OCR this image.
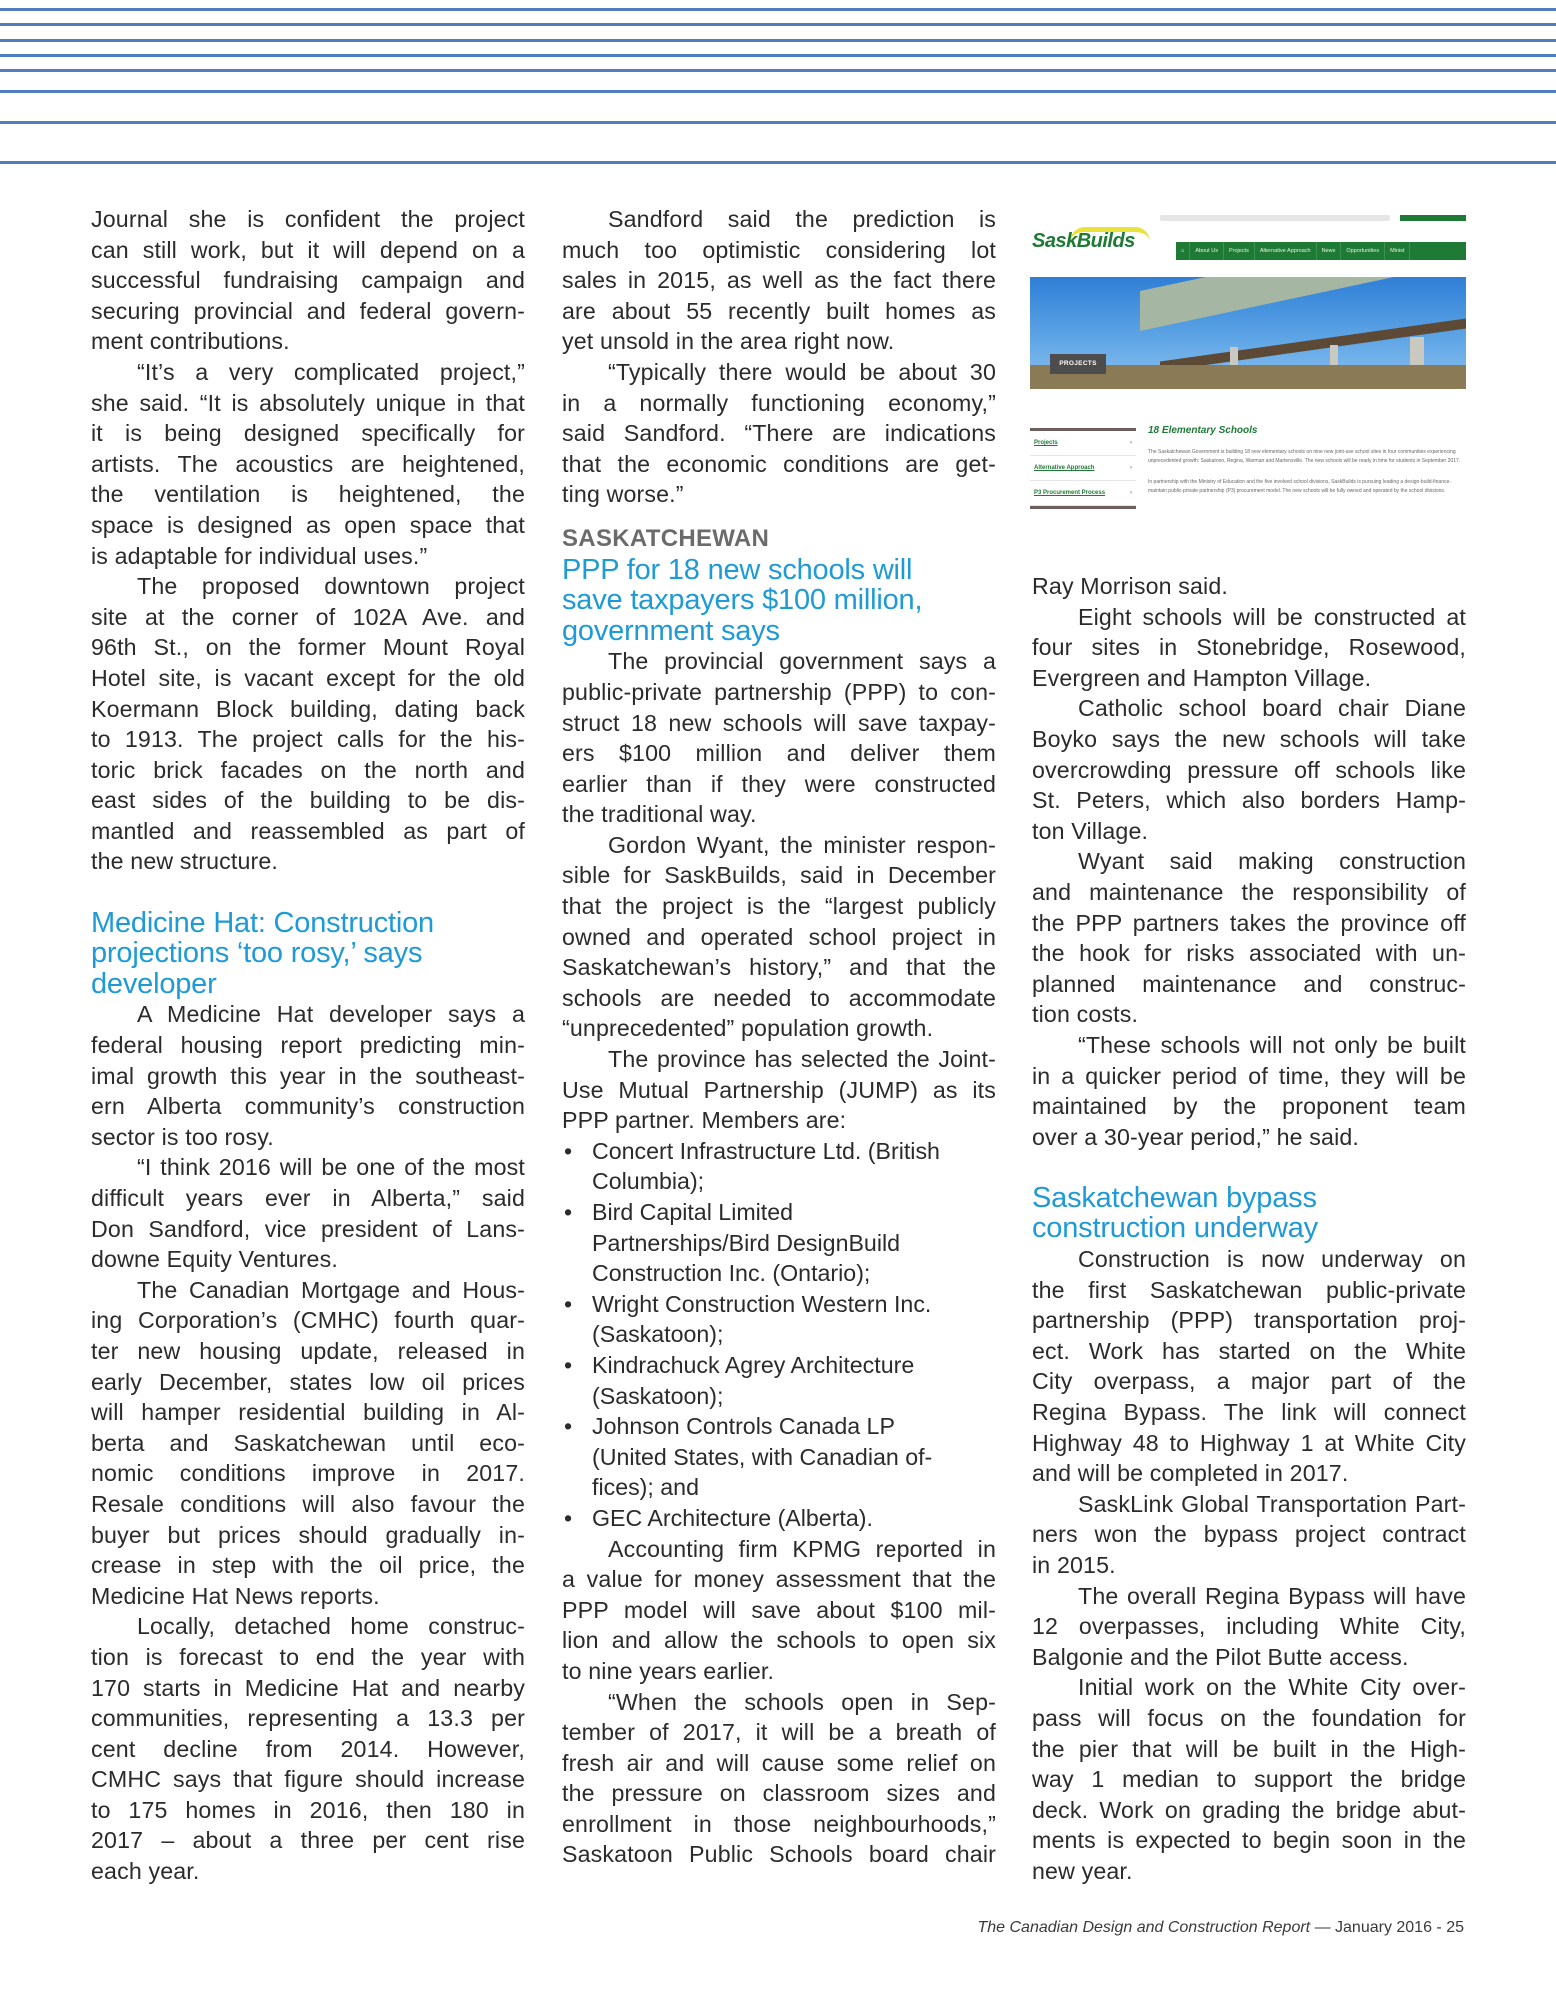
Journal she is confident the project
can still work, but it will depend on a
successful fundraising campaign and
securing provincial and federal govern-
ment contributions.
“It’s a very complicated project,”
she said. “It is absolutely unique in that
it is being designed specifically for
artists. The acoustics are heightened,
the ventilation is heightened, the
space is designed as open space that
is adaptable for individual uses.”
The proposed downtown project
site at the corner of 102A Ave. and
96th St., on the former Mount Royal
Hotel site, is vacant except for the old
Koermann Block building, dating back
to 1913. The project calls for the his-
toric brick facades on the north and
east sides of the building to be dis-
mantled and reassembled as part of
the new structure.
Medicine Hat: Construction
projections ‘too rosy,’ says
developer
A Medicine Hat developer says a
federal housing report predicting min-
imal growth this year in the southeast-
ern Alberta community’s construction
sector is too rosy.
“I think 2016 will be one of the most
difficult years ever in Alberta,” said
Don Sandford, vice president of Lans-
downe Equity Ventures.
The Canadian Mortgage and Hous-
ing Corporation’s (CMHC) fourth quar-
ter new housing update, released in
early December, states low oil prices
will hamper residential building in Al-
berta and Saskatchewan until eco-
nomic conditions improve in 2017.
Resale conditions will also favour the
buyer but prices should gradually in-
crease in step with the oil price, the
Medicine Hat News reports.
Locally, detached home construc-
tion is forecast to end the year with
170 starts in Medicine Hat and nearby
communities, representing a 13.3 per
cent decline from 2014. However,
CMHC says that figure should increase
to 175 homes in 2016, then 180 in
2017 – about a three per cent rise
each year.
Sandford said the prediction is
much too optimistic considering lot
sales in 2015, as well as the fact there
are about 55 recently built homes as
yet unsold in the area right now.
“Typically there would be about 30
in a normally functioning economy,”
said Sandford. “There are indications
that the economic conditions are get-
ting worse.”
SASKATCHEWAN
PPP for 18 new schools will
save taxpayers $100 million,
government says
The provincial government says a
public-private partnership (PPP) to con-
struct 18 new schools will save taxpay-
ers $100 million and deliver them
earlier than if they were constructed
the traditional way.
Gordon Wyant, the minister respon-
sible for SaskBuilds, said in December
that the project is the “largest publicly
owned and operated school project in
Saskatchewan’s history,” and that the
schools are needed to accommodate
“unprecedented” population growth.
The province has selected the Joint-
Use Mutual Partnership (JUMP) as its
PPP partner. Members are:
• Concert Infrastructure Ltd. (British
Columbia);
• Bird Capital Limited
Partnerships/Bird DesignBuild
Construction Inc. (Ontario);
• Wright Construction Western Inc.
(Saskatoon);
• Kindrachuck Agrey Architecture
(Saskatoon);
• Johnson Controls Canada LP
(United States, with Canadian of-
fices); and
• GEC Architecture (Alberta).
Accounting firm KPMG reported in
a value for money assessment that the
PPP model will save about $100 mil-
lion and allow the schools to open six
to nine years earlier.
“When the schools open in Sep-
tember of 2017, it will be a breath of
fresh air and will cause some relief on
the pressure on classroom sizes and
enrollment in those neighbourhoods,”
Saskatoon Public Schools board chair
SaskBuilds	⌂	About Us	Projects	Alternative Approach	News	Opportunities	Minist
PROJECTS
Projects	›
Alternative Approach	›
P3 Procurement Process	›
18 Elementary Schools
The Saskatchewan Government is building 18 new elementary schools on nine new joint-use school sites in four communities experiencing unprecedented growth: Saskatoon, Regina, Warman and Martensville. The new schools will be ready in time for students in September 2017.
In partnership with the Ministry of Education and the five involved school divisions, SaskBuilds is pursuing leading a design-build-finance-maintain public-private partnership (P3) procurement model. The new schools will be fully owned and operated by the school divisions.
Ray Morrison said.
Eight schools will be constructed at
four sites in Stonebridge, Rosewood,
Evergreen and Hampton Village.
Catholic school board chair Diane
Boyko says the new schools will take
overcrowding pressure off schools like
St. Peters, which also borders Hamp-
ton Village.
Wyant said making construction
and maintenance the responsibility of
the PPP partners takes the province off
the hook for risks associated with un-
planned maintenance and construc-
tion costs.
“These schools will not only be built
in a quicker period of time, they will be
maintained by the proponent team
over a 30-year period,” he said.
Saskatchewan bypass
construction underway
Construction is now underway on
the first Saskatchewan public-private
partnership (PPP) transportation proj-
ect. Work has started on the White
City overpass, a major part of the
Regina Bypass. The link will connect
Highway 48 to Highway 1 at White City
and will be completed in 2017.
SaskLink Global Transportation Part-
ners won the bypass project contract
in 2015.
The overall Regina Bypass will have
12 overpasses, including White City,
Balgonie and the Pilot Butte access.
Initial work on the White City over-
pass will focus on the foundation for
the pier that will be built in the High-
way 1 median to support the bridge
deck. Work on grading the bridge abut-
ments is expected to begin soon in the
new year.
The Canadian Design and Construction Report — January 2016 - 25
